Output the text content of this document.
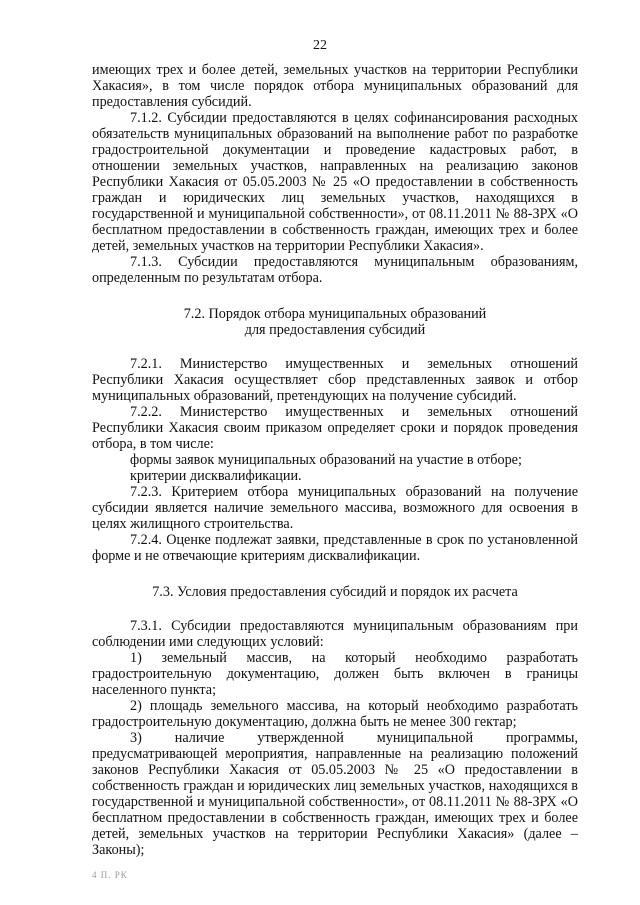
22

имеющих трех и более детей, земельных участков на территории Республики Хакасия», в том числе порядок отбора муниципальных образований для предоставления субсидий.

7.1.2. Субсидии предоставляются в целях софинансирования расходных обязательств муниципальных образований на выполнение работ по разработке градостроительной документации и проведение кадастровых работ, в отношении земельных участков, направленных на реализацию законов Республики Хакасия от 05.05.2003 № 25 «О предоставлении в собственность граждан и юридических лиц земельных участков, находящихся в государственной и муниципальной собственности», от 08.11.2011 № 88-ЗРХ «О бесплатном предоставлении в собственность граждан, имеющих трех и более детей, земельных участков на территории Республики Хакасия».

7.1.3. Субсидии предоставляются муниципальным образованиям, определенным по результатам отбора.

7.2. Порядок отбора муниципальных образований
для предоставления субсидий

7.2.1. Министерство имущественных и земельных отношений Республики Хакасия осуществляет сбор представленных заявок и отбор муниципальных образований, претендующих на получение субсидий.

7.2.2. Министерство имущественных и земельных отношений Республики Хакасия своим приказом определяет сроки и порядок проведения отбора, в том числе:

формы заявок муниципальных образований на участие в отборе;

критерии дисквалификации.

7.2.3. Критерием отбора муниципальных образований на получение субсидии является наличие земельного массива, возможного для освоения в целях жилищного строительства.

7.2.4. Оценке подлежат заявки, представленные в срок по установленной форме и не отвечающие критериям дисквалификации.

7.3. Условия предоставления субсидий и порядок их расчета

7.3.1. Субсидии предоставляются муниципальным образованиям при соблюдении ими следующих условий:

1) земельный массив, на который необходимо разработать градостроительную документацию, должен быть включен в границы населенного пункта;

2) площадь земельного массива, на который необходимо разработать градостроительную документацию, должна быть не менее 300 гектар;

3) наличие утвержденной муниципальной программы, предусматривающей мероприятия, направленные на реализацию положений законов Республики Хакасия от 05.05.2003 № 25 «О предоставлении в собственность граждан и юридических лиц земельных участков, находящихся в государственной и муниципальной собственности», от 08.11.2011 № 88-ЗРХ «О бесплатном предоставлении в собственность граждан, имеющих трех и более детей, земельных участков на территории Республики Хакасия» (далее – Законы);

4 П. РК
